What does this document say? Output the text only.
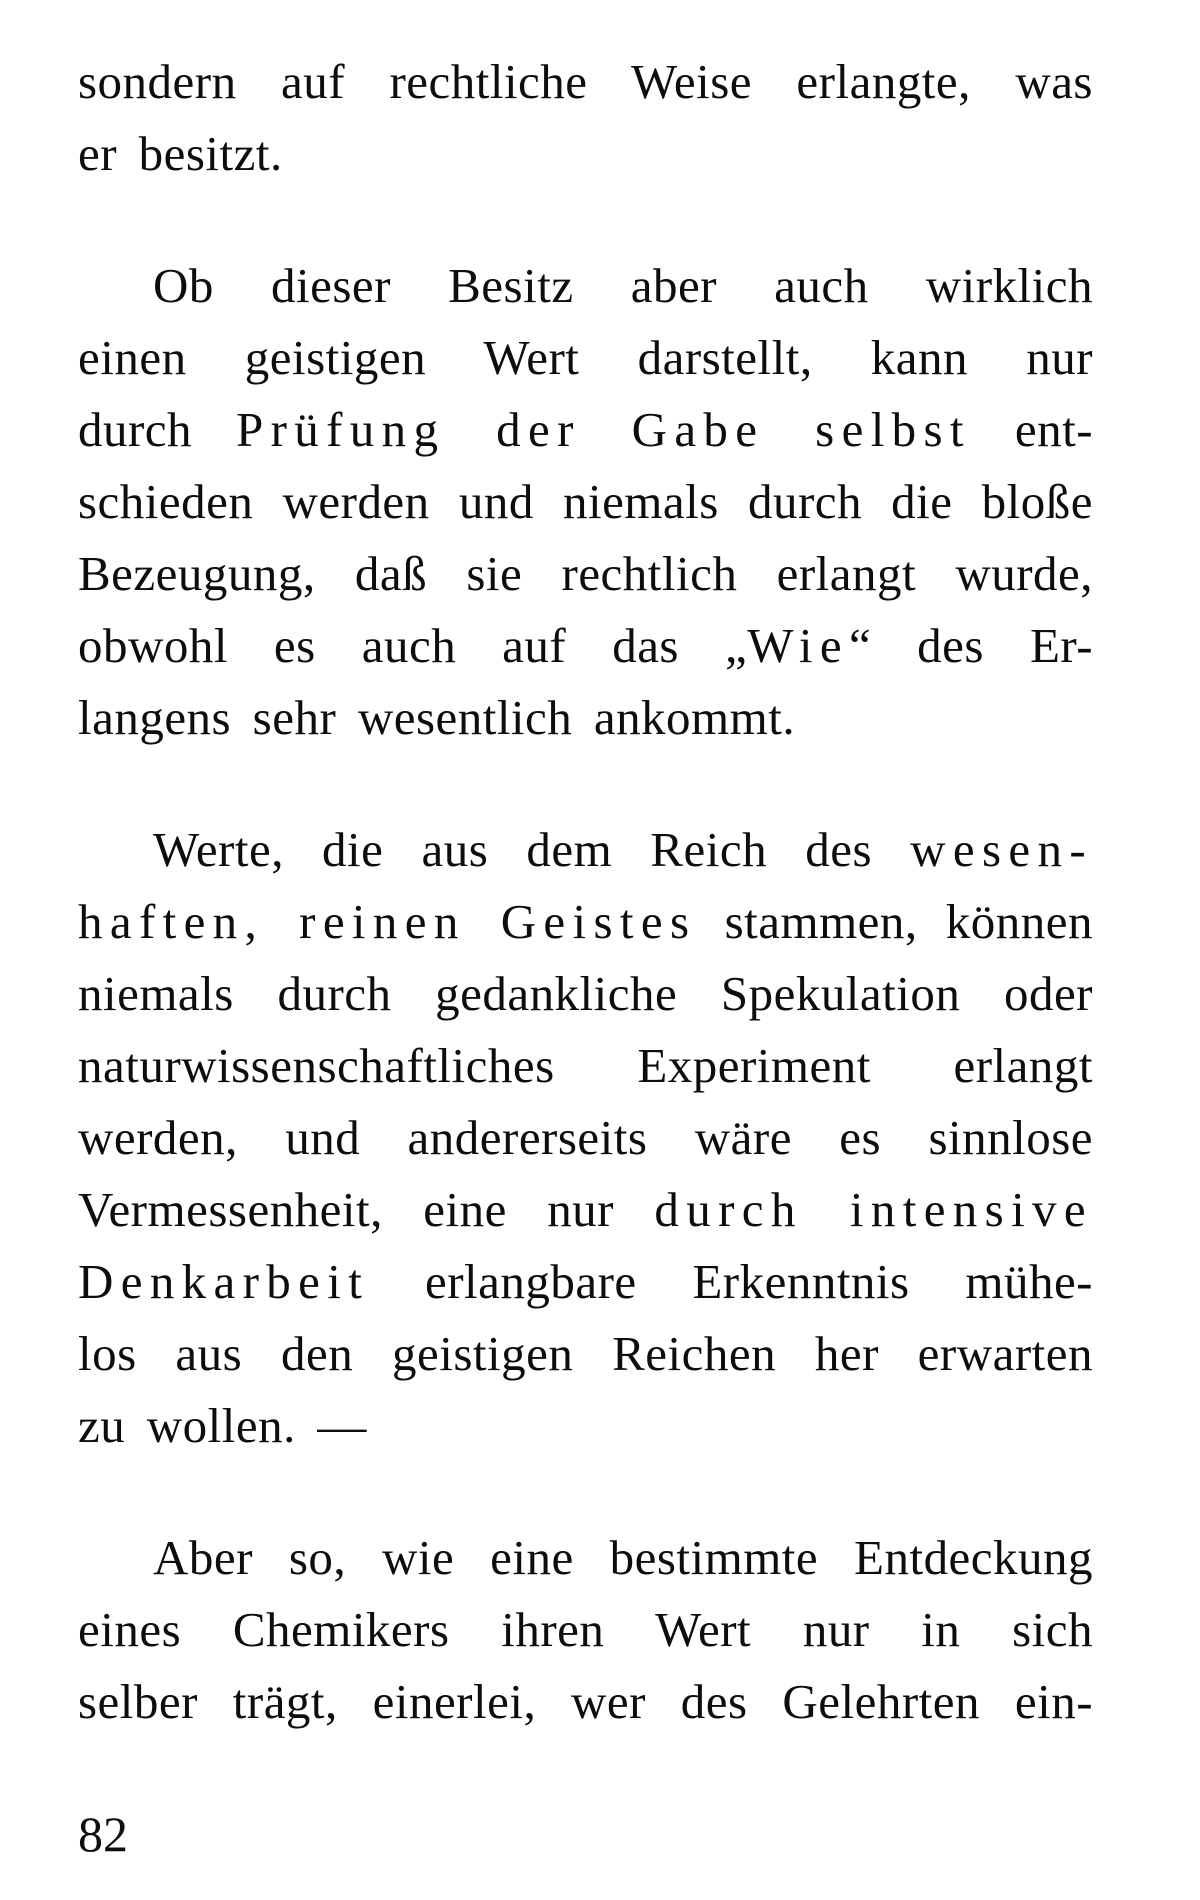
sondern auf rechtliche Weise erlangte, was
er besitzt.
Ob dieser Besitz aber auch wirklich
einen geistigen Wert darstellt, kann nur
durch Prüfung der Gabe selbst ent-
schieden werden und niemals durch die bloße
Bezeugung, daß sie rechtlich erlangt wurde,
obwohl es auch auf das „Wie“ des Er-
langens sehr wesentlich ankommt.
Werte, die aus dem Reich des wesen-
haften, reinen Geistes stammen, können
niemals durch gedankliche Spekulation oder
naturwissenschaftliches Experiment erlangt
werden, und andererseits wäre es sinnlose
Vermessenheit, eine nur durch intensive
Denkarbeit erlangbare Erkenntnis mühe-
los aus den geistigen Reichen her erwarten
zu wollen. —
Aber so, wie eine bestimmte Entdeckung
eines Chemikers ihren Wert nur in sich
selber trägt, einerlei, wer des Gelehrten ein-
82
